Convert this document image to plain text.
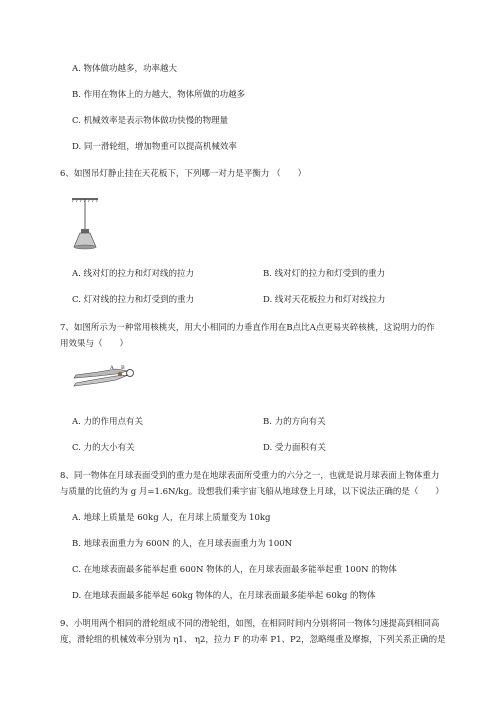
A. 物体做功越多，功率越大
B. 作用在物体上的力越大，物体所做的功越多
C. 机械效率是表示物体做功快慢的物理量
D. 同一滑轮组，增加物重可以提高机械效率
6、如图吊灯静止挂在天花板下，下列哪一对力是平衡力 （　　）
A. 线对灯的拉力和灯对线的拉力	B. 线对灯的拉力和灯受到的重力
C. 灯对线的拉力和灯受到的重力	D. 线对天花板拉力和灯对线拉力
7、如图所示为一种常用核桃夹，用大小相同的力垂直作用在B点比A点更易夹碎核桃，这说明力的作
用效果与（　　）
A B
A. 力的作用点有关	B. 力的方向有关
C. 力的大小有关	D. 受力面积有关
8、同一物体在月球表面受到的重力是在地球表面所受重力的六分之一，也就是说月球表面上物体重力
与质量的比值约为 g 月=1.6N/kg。设想我们乘宇宙飞船从地球登上月球，以下说法正确的是（　　）
A. 地球上质量是 60kg 人，在月球上质量变为 10kg
B. 地球表面重力为 600N 的人，在月球表面重力为 100N
C. 在地球表面最多能举起重 600N 物体的人，在月球表面最多能举起重 100N 的物体
D. 在地球表面最多能举起 60kg 物体的人，在月球表面最多能举起 60kg 的物体
9、小明用两个相同的滑轮组成不同的滑轮组，如图，在相同时间内分别将同一物体匀速提高到相同高
度，滑轮组的机械效率分别为 η1、 η2，拉力 F 的功率 P1、P2，忽略绳重及摩擦，下列关系正确的是
